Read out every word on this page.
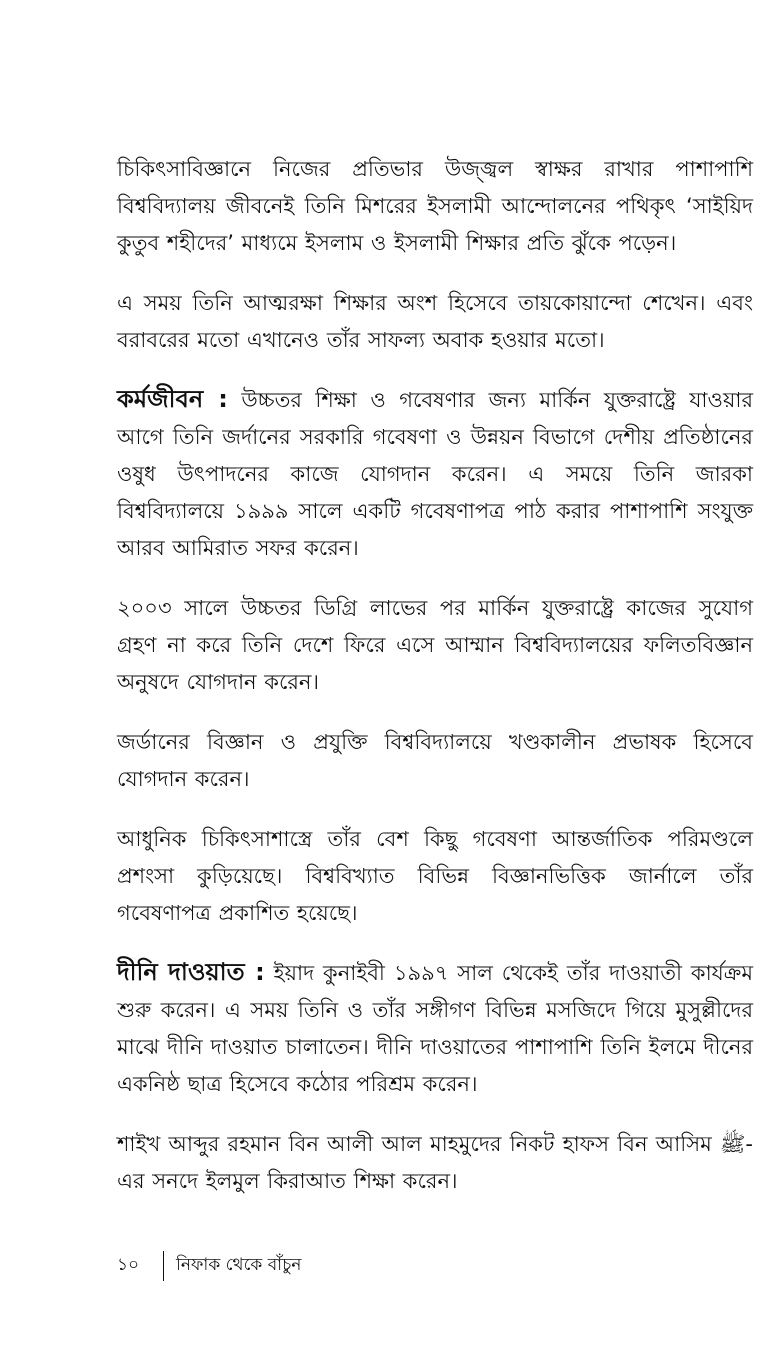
চিকিৎসাবিজ্ঞানে নিজের প্রতিভার উজ্জ্বল স্বাক্ষর রাখার পাশাপাশি বিশ্ববিদ্যালয় জীবনেই তিনি মিশরের ইসলামী আন্দোলনের পথিকৃৎ ‘সাইয়িদ কুতুব শহীদের’ মাধ্যমে ইসলাম ও ইসলামী শিক্ষার প্রতি ঝুঁকে পড়েন।

এ সময় তিনি আত্মরক্ষা শিক্ষার অংশ হিসেবে তায়কোয়ান্দো শেখেন। এবং বরাবরের মতো এখানেও তাঁর সাফল্য অবাক হওয়ার মতো।

কর্মজীবন : উচ্চতর শিক্ষা ও গবেষণার জন্য মার্কিন যুক্তরাষ্ট্রে যাওয়ার আগে তিনি জর্দানের সরকারি গবেষণা ও উন্নয়ন বিভাগে দেশীয় প্রতিষ্ঠানের ওষুধ উৎপাদনের কাজে যোগদান করেন। এ সময়ে তিনি জারকা বিশ্ববিদ্যালয়ে ১৯৯৯ সালে একটি গবেষণাপত্র পাঠ করার পাশাপাশি সংযুক্ত আরব আমিরাত সফর করেন।

২০০৩ সালে উচ্চতর ডিগ্রি লাভের পর মার্কিন যুক্তরাষ্ট্রে কাজের সুযোগ গ্রহণ না করে তিনি দেশে ফিরে এসে আম্মান বিশ্ববিদ্যালয়ের ফলিতবিজ্ঞান অনুষদে যোগদান করেন।

জর্ডানের বিজ্ঞান ও প্রযুক্তি বিশ্ববিদ্যালয়ে খণ্ডকালীন প্রভাষক হিসেবে যোগদান করেন।

আধুনিক চিকিৎসাশাস্ত্রে তাঁর বেশ কিছু গবেষণা আন্তর্জাতিক পরিমণ্ডলে প্রশংসা কুড়িয়েছে। বিশ্ববিখ্যাত বিভিন্ন বিজ্ঞানভিত্তিক জার্নালে তাঁর গবেষণাপত্র প্রকাশিত হয়েছে।

দীনি দাওয়াত : ইয়াদ কুনাইবী ১৯৯৭ সাল থেকেই তাঁর দাওয়াতী কার্যক্রম শুরু করেন। এ সময় তিনি ও তাঁর সঙ্গীগণ বিভিন্ন মসজিদে গিয়ে মুসুল্লীদের মাঝে দীনি দাওয়াত চালাতেন। দীনি দাওয়াতের পাশাপাশি তিনি ইলমে দীনের একনিষ্ঠ ছাত্র হিসেবে কঠোর পরিশ্রম করেন।

শাইখ আব্দুর রহমান বিন আলী আল মাহমুদের নিকট হাফস বিন আসিম ﷺ-এর সনদে ইলমুল কিরাআত শিক্ষা করেন।

১০	নিফাক থেকে বাঁচুন
